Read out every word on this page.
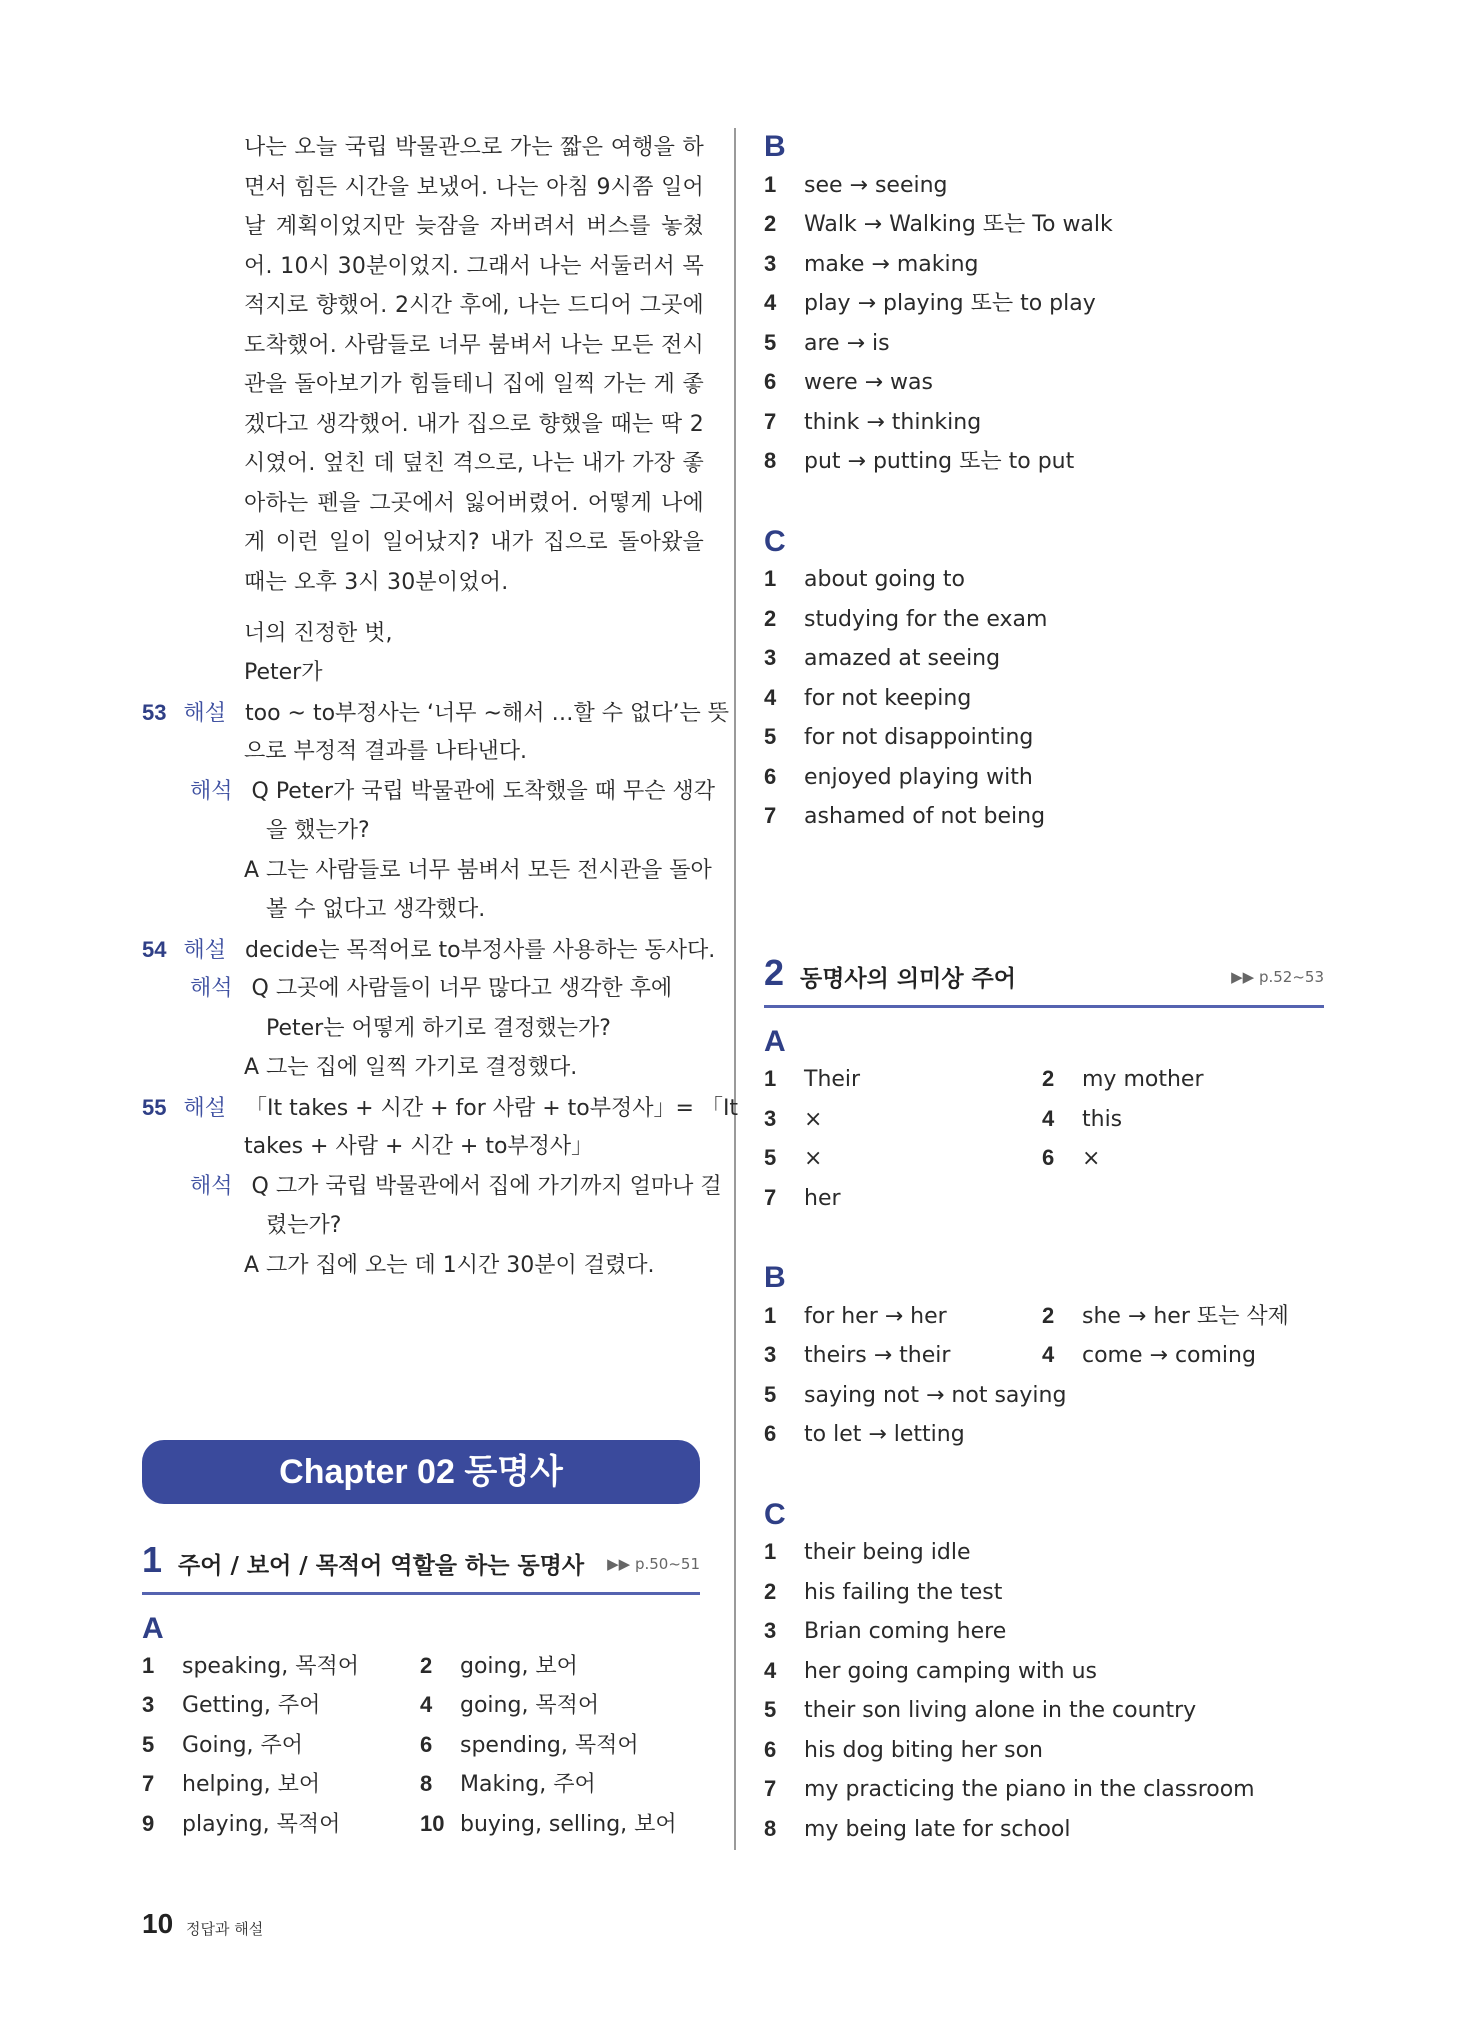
나는 오늘 국립 박물관으로 가는 짧은 여행을 하면서 힘든 시간을 보냈어. 나는 아침 9시쯤 일어날 계획이었지만 늦잠을 자버려서 버스를 놓쳤어. 10시 30분이었지. 그래서 나는 서둘러서 목적지로 향했어. 2시간 후에, 나는 드디어 그곳에 도착했어. 사람들로 너무 붐벼서 나는 모든 전시관을 돌아보기가 힘들테니 집에 일찍 가는 게 좋겠다고 생각했어. 내가 집으로 향했을 때는 딱 2시였어. 엎친 데 덮친 격으로, 나는 내가 가장 좋아하는 펜을 그곳에서 잃어버렸어. 어떻게 나에게 이런 일이 일어났지? 내가 집으로 돌아왔을 때는 오후 3시 30분이었어.
너의 진정한 벗,
Peter가
53 해설 too ~ to부정사는 ‘너무 ~해서 …할 수 없다’는 뜻
으로 부정적 결과를 나타낸다.
해석 Q Peter가 국립 박물관에 도착했을 때 무슨 생각
을 했는가?
A 그는 사람들로 너무 붐벼서 모든 전시관을 돌아
볼 수 없다고 생각했다.
54 해설 decide는 목적어로 to부정사를 사용하는 동사다.
해석 Q 그곳에 사람들이 너무 많다고 생각한 후에
Peter는 어떻게 하기로 결정했는가?
A 그는 집에 일찍 가기로 결정했다.
55 해설 「It takes + 시간 + for 사람 + to부정사」= 「It
takes + 사람 + 시간 + to부정사」
해석 Q 그가 국립 박물관에서 집에 가기까지 얼마나 걸
렸는가?
A 그가 집에 오는 데 1시간 30분이 걸렸다.
Chapter 02 동명사
1 주어 / 보어 / 목적어 역할을 하는 동명사 ▶▶ p.50~51
A
1 speaking, 목적어	2 going, 보어
3 Getting, 주어	4 going, 목적어
5 Going, 주어	6 spending, 목적어
7 helping, 보어	8 Making, 주어
9 playing, 목적어	10 buying, selling, 보어
B
1 see → seeing
2 Walk → Walking 또는 To walk
3 make → making
4 play → playing 또는 to play
5 are → is
6 were → was
7 think → thinking
8 put → putting 또는 to put
C
1 about going to
2 studying for the exam
3 amazed at seeing
4 for not keeping
5 for not disappointing
6 enjoyed playing with
7 ashamed of not being
2 동명사의 의미상 주어	▶▶ p.52~53
A
1 Their	2 my mother
3 ×	4 this
5 ×	6 ×
7 her
B
1 for her → her	2 she → her 또는 삭제
3 theirs → their	4 come → coming
5 saying not → not saying
6 to let → letting
C
1 their being idle
2 his failing the test
3 Brian coming here
4 her going camping with us
5 their son living alone in the country
6 his dog biting her son
7 my practicing the piano in the classroom
8 my being late for school
10 정답과 해설
